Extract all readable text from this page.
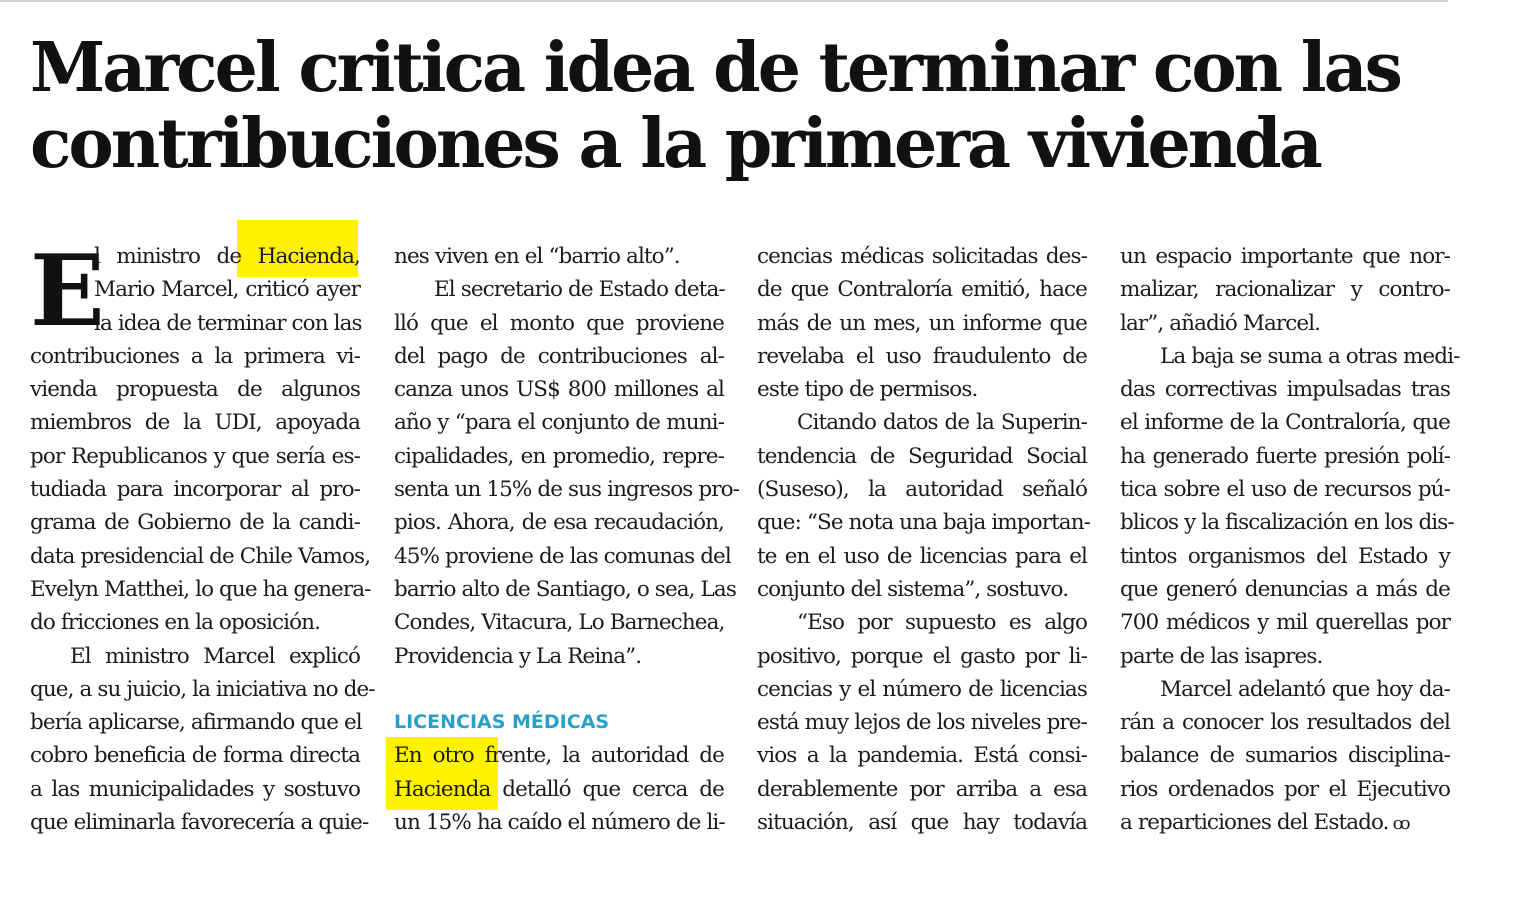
Marcel critica idea de terminar con las
contribuciones a la primera vivienda
E
l ministro de Hacienda,
Mario Marcel, criticó ayer
la idea de terminar con las
contribuciones a la primera vi-
vienda propuesta de algunos
miembros de la UDI, apoyada
por Republicanos y que sería es-
tudiada para incorporar al pro-
grama de Gobierno de la candi-
data presidencial de Chile Vamos,
Evelyn Matthei, lo que ha genera-
do fricciones en la oposición.
El ministro Marcel explicó
que, a su juicio, la iniciativa no de-
bería aplicarse, afirmando que el
cobro beneficia de forma directa
a las municipalidades y sostuvo
que eliminarla favorecería a quie-
nes viven en el “barrio alto”.
El secretario de Estado deta-
lló que el monto que proviene
del pago de contribuciones al-
canza unos US$ 800 millones al
año y “para el conjunto de muni-
cipalidades, en promedio, repre-
senta un 15% de sus ingresos pro-
pios. Ahora, de esa recaudación,
45% proviene de las comunas del
barrio alto de Santiago, o sea, Las
Condes, Vitacura, Lo Barnechea,
Providencia y La Reina”.
LICENCIAS MÉDICAS
En otro frente, la autoridad de
Hacienda detalló que cerca de
un 15% ha caído el número de li-
cencias médicas solicitadas des-
de que Contraloría emitió, hace
más de un mes, un informe que
revelaba el uso fraudulento de
este tipo de permisos.
Citando datos de la Superin-
tendencia de Seguridad Social
(Suseso), la autoridad señaló
que: “Se nota una baja importan-
te en el uso de licencias para el
conjunto del sistema”, sostuvo.
“Eso por supuesto es algo
positivo, porque el gasto por li-
cencias y el número de licencias
está muy lejos de los niveles pre-
vios a la pandemia. Está consi-
derablemente por arriba a esa
situación, así que hay todavía
un espacio importante que nor-
malizar, racionalizar y contro-
lar”, añadió Marcel.
La baja se suma a otras medi-
das correctivas impulsadas tras
el informe de la Contraloría, que
ha generado fuerte presión polí-
tica sobre el uso de recursos pú-
blicos y la fiscalización en los dis-
tintos organismos del Estado y
que generó denuncias a más de
700 médicos y mil querellas por
parte de las isapres.
Marcel adelantó que hoy da-
rán a conocer los resultados del
balance de sumarios disciplina-
rios ordenados por el Ejecutivo
a reparticiones del Estado. ꝏ
